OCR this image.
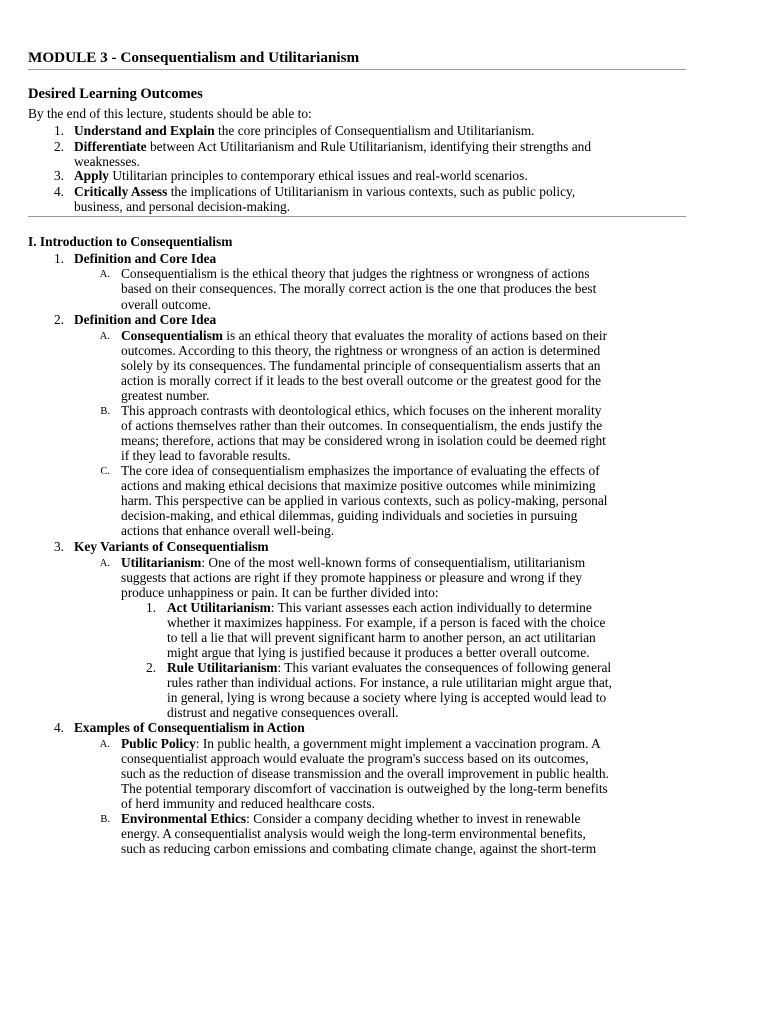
MODULE 3 - Consequentialism and Utilitarianism
Desired Learning Outcomes
By the end of this lecture, students should be able to:
1. Understand and Explain the core principles of Consequentialism and Utilitarianism.
2. Differentiate between Act Utilitarianism and Rule Utilitarianism, identifying their strengths and
weaknesses.
3. Apply Utilitarian principles to contemporary ethical issues and real-world scenarios.
4. Critically Assess the implications of Utilitarianism in various contexts, such as public policy,
business, and personal decision-making.
I. Introduction to Consequentialism
1. Definition and Core Idea
A. Consequentialism is the ethical theory that judges the rightness or wrongness of actions
based on their consequences. The morally correct action is the one that produces the best
overall outcome.
2. Definition and Core Idea
A. Consequentialism is an ethical theory that evaluates the morality of actions based on their
outcomes. According to this theory, the rightness or wrongness of an action is determined
solely by its consequences. The fundamental principle of consequentialism asserts that an
action is morally correct if it leads to the best overall outcome or the greatest good for the
greatest number.
B. This approach contrasts with deontological ethics, which focuses on the inherent morality
of actions themselves rather than their outcomes. In consequentialism, the ends justify the
means; therefore, actions that may be considered wrong in isolation could be deemed right
if they lead to favorable results.
C. The core idea of consequentialism emphasizes the importance of evaluating the effects of
actions and making ethical decisions that maximize positive outcomes while minimizing
harm. This perspective can be applied in various contexts, such as policy-making, personal
decision-making, and ethical dilemmas, guiding individuals and societies in pursuing
actions that enhance overall well-being.
3. Key Variants of Consequentialism
A. Utilitarianism: One of the most well-known forms of consequentialism, utilitarianism
suggests that actions are right if they promote happiness or pleasure and wrong if they
produce unhappiness or pain. It can be further divided into:
1. Act Utilitarianism: This variant assesses each action individually to determine
whether it maximizes happiness. For example, if a person is faced with the choice
to tell a lie that will prevent significant harm to another person, an act utilitarian
might argue that lying is justified because it produces a better overall outcome.
2. Rule Utilitarianism: This variant evaluates the consequences of following general
rules rather than individual actions. For instance, a rule utilitarian might argue that,
in general, lying is wrong because a society where lying is accepted would lead to
distrust and negative consequences overall.
4. Examples of Consequentialism in Action
A. Public Policy: In public health, a government might implement a vaccination program. A
consequentialist approach would evaluate the program's success based on its outcomes,
such as the reduction of disease transmission and the overall improvement in public health.
The potential temporary discomfort of vaccination is outweighed by the long-term benefits
of herd immunity and reduced healthcare costs.
B. Environmental Ethics: Consider a company deciding whether to invest in renewable
energy. A consequentialist analysis would weigh the long-term environmental benefits,
such as reducing carbon emissions and combating climate change, against the short-term
